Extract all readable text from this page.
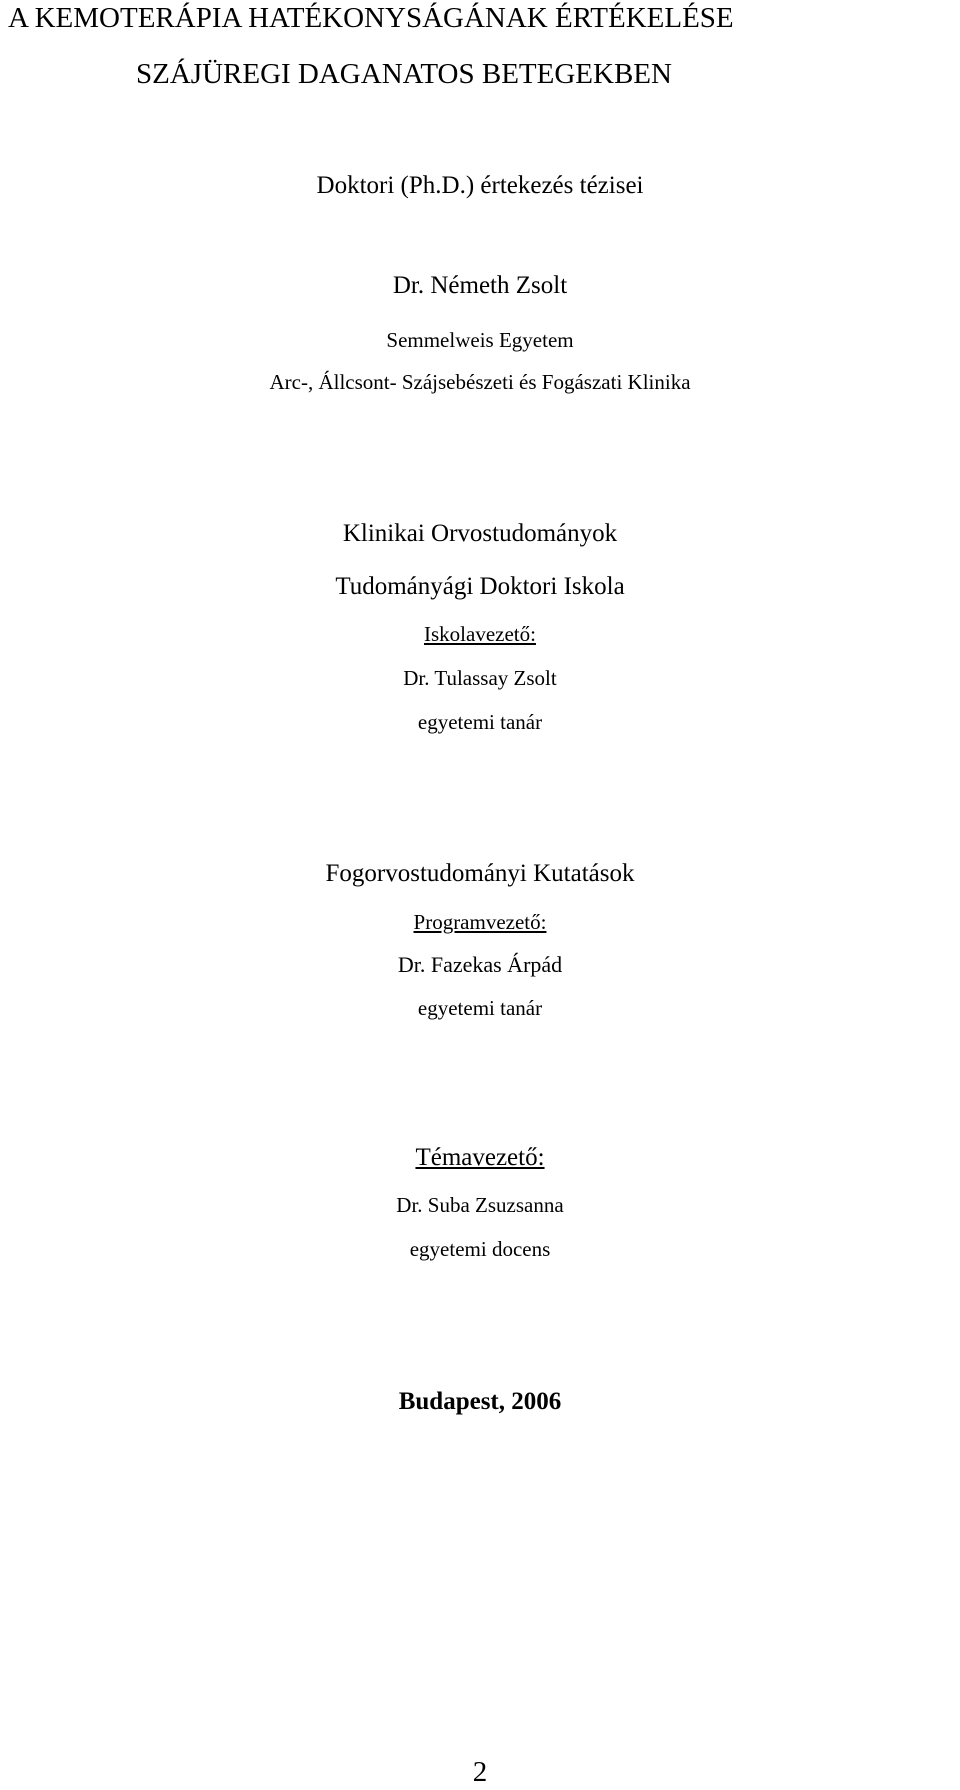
A KEMOTERÁPIA HATÉKONYSÁGÁNAK ÉRTÉKELÉSE
SZÁJÜREGI DAGANATOS BETEGEKBEN
Doktori (Ph.D.) értekezés tézisei
Dr. Németh Zsolt
Semmelweis Egyetem
Arc-, Állcsont- Szájsebészeti és Fogászati Klinika
Klinikai Orvostudományok
Tudományági Doktori Iskola
Iskolavezető:
Dr. Tulassay Zsolt
egyetemi tanár
Fogorvostudományi Kutatások
Programvezető:
Dr. Fazekas Árpád
egyetemi tanár
Témavezető:
Dr. Suba Zsuzsanna
egyetemi docens
Budapest, 2006
2
